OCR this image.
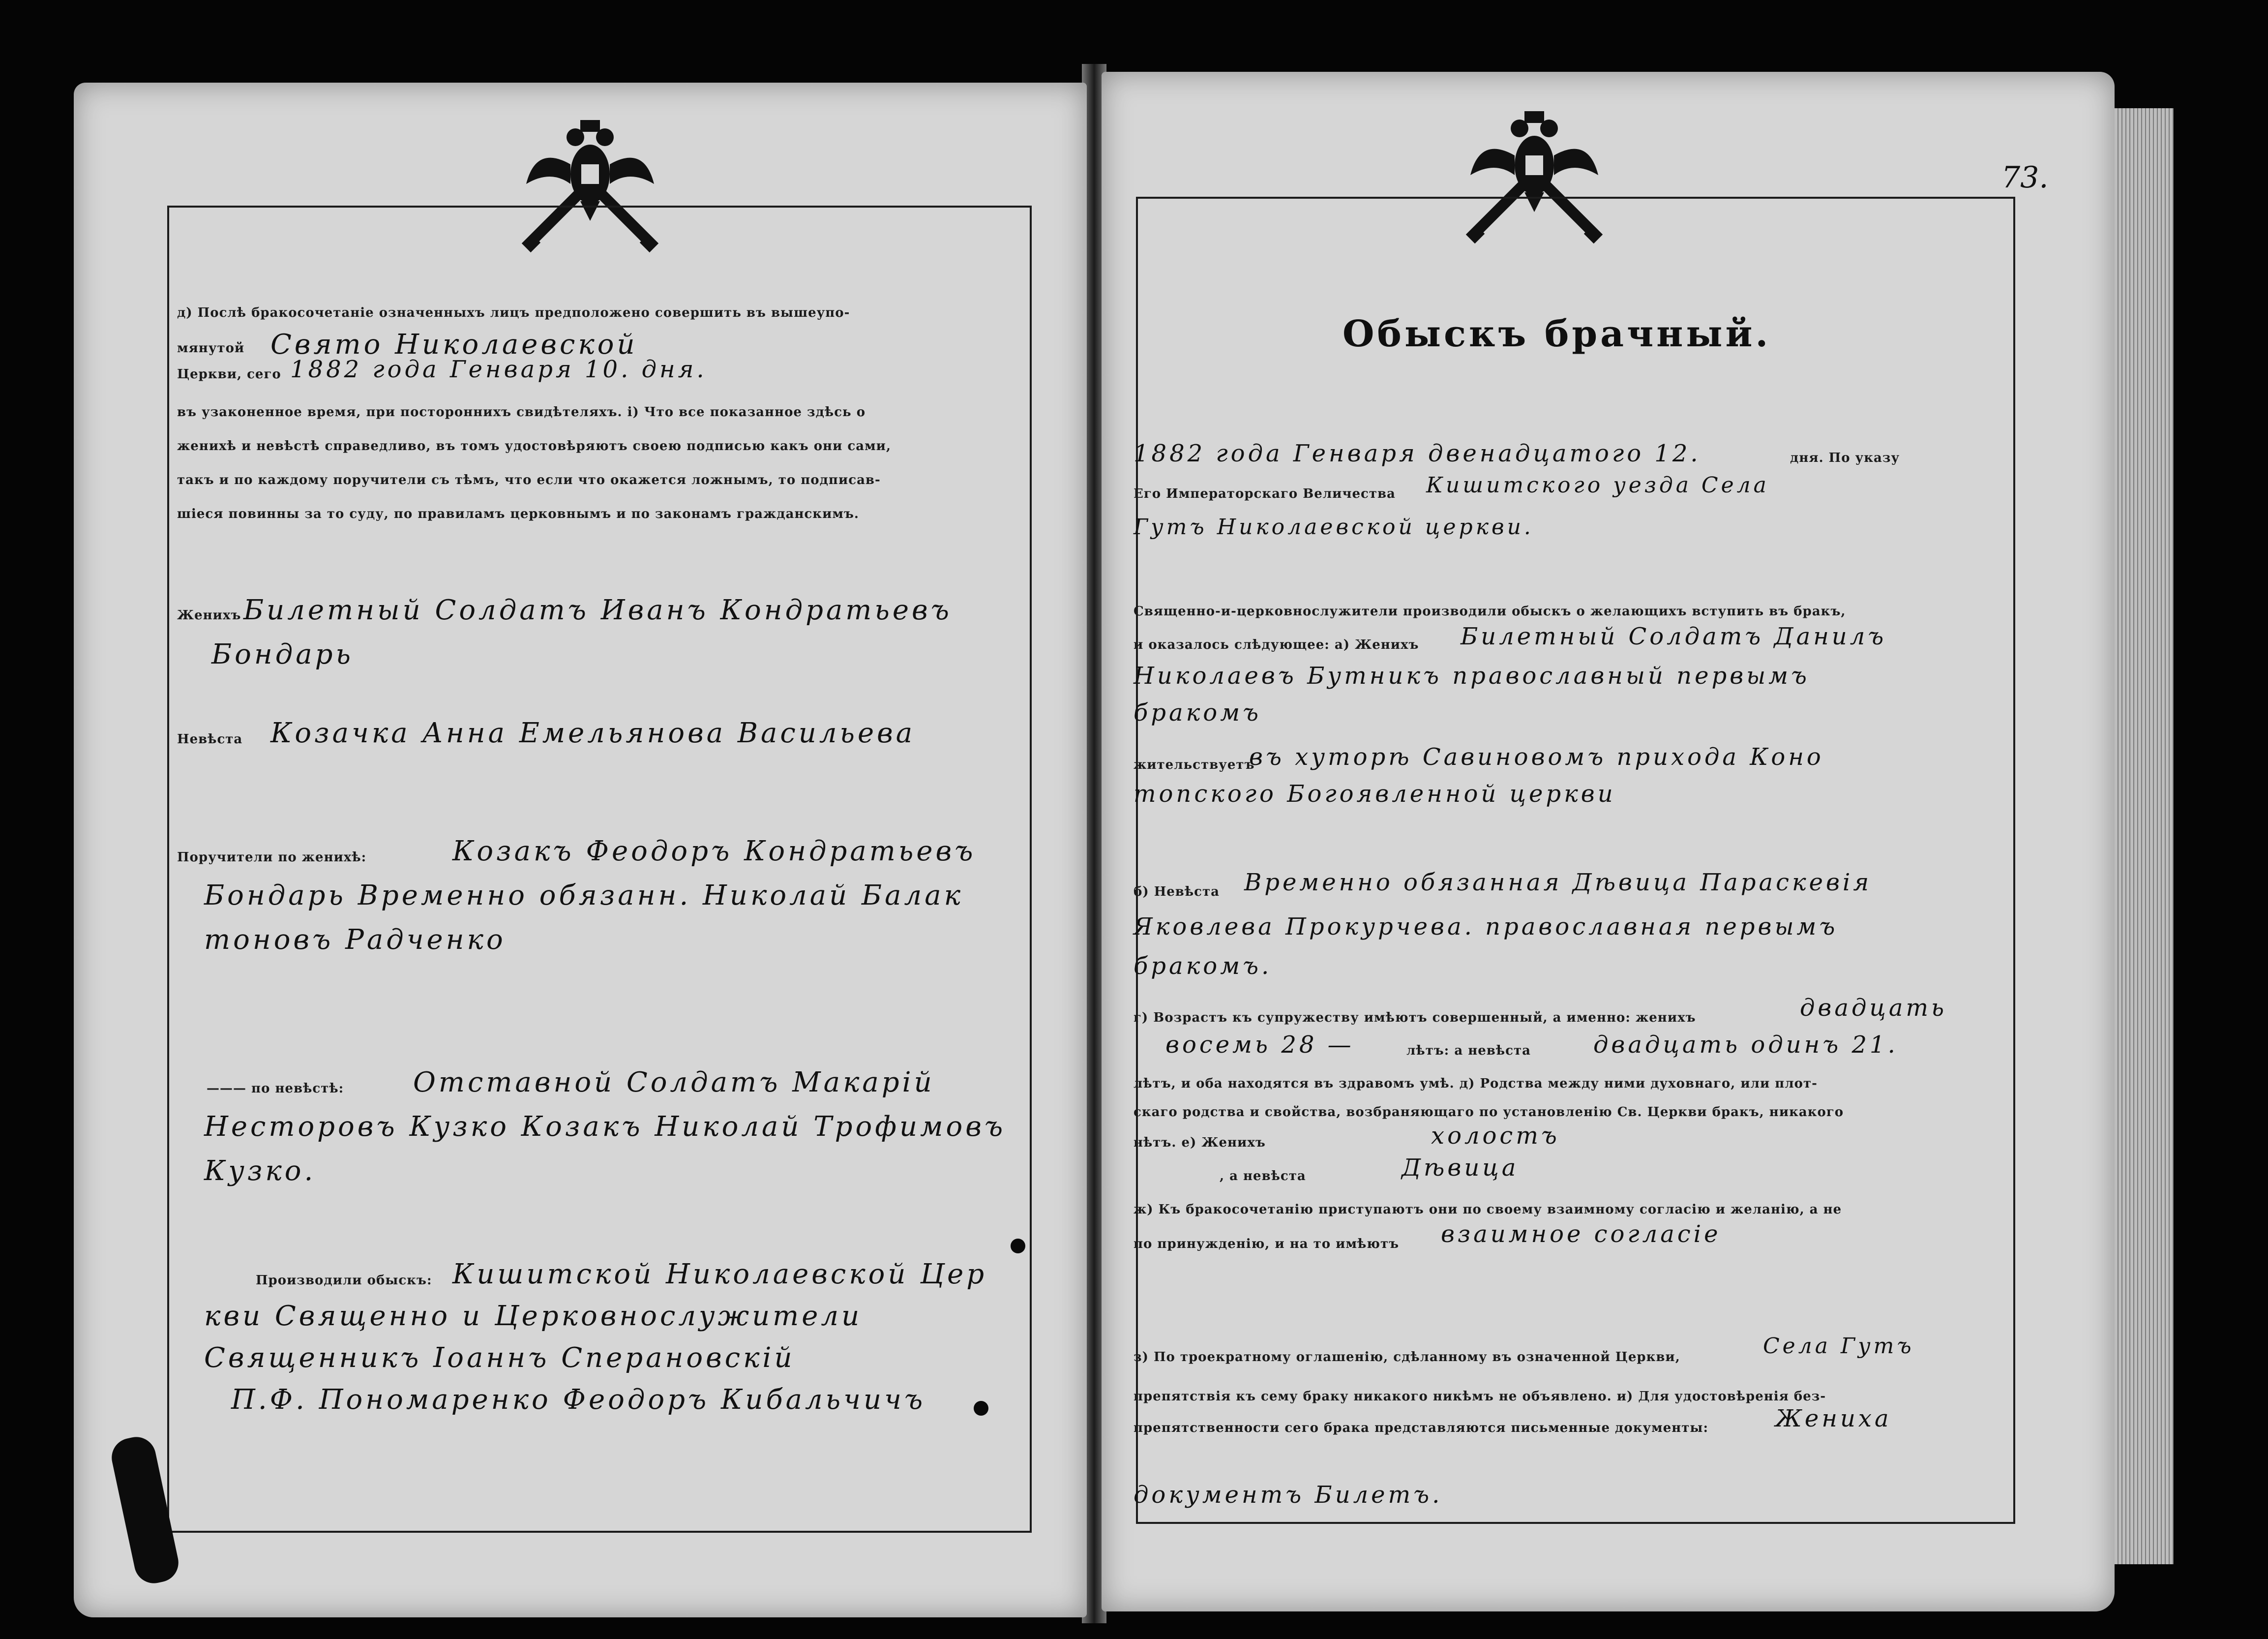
д) Послѣ бракосочетаніе означенныхъ лицъ предположено совершить въ вышеупо-
мянутой Свято Николаевской
Церкви, сего 1882 года Генваря 10. дня.
въ узаконенное время, при постороннихъ свидѣтеляхъ. i) Что все показанное здѣсь о
женихѣ и невѣстѣ справедливо, въ томъ удостовѣряютъ своею подписью какъ они сами,
такъ и по каждому поручители съ тѣмъ, что если что окажется ложнымъ, то подписав-
шiеся повинны за то суду, по правиламъ церковнымъ и по законамъ гражданскимъ.
Женихъ Билетный Солдатъ Иванъ Кондратьевъ
Бондарь
Невѣста Козачка Анна Емельянова Васильева
Поручители по женихѣ:	Козакъ Феодоръ Кондратьевъ
Бондарь Временно обязанн. Николай Балак
тоновъ Радченко
——— по невѣстѣ:	Отставной Солдатъ Макарій
Несторовъ Кузко Козакъ Николай Трофимовъ
Кузко.
Производили обыскъ: Кишитской Николаевской Цер
кви Священно и Церковнослужители
Священникъ Іоаннъ Сперановскій
П.Ф. Пономаренко Феодоръ Кибальчичъ
73.
Обыскъ брачный.
1882 года Генваря двенадцатого 12.	дня. По указу
Его Императорскаго Величества Кишитского уезда Села
Гутъ Николаевской церкви.
Священно-и-церковнослужители производили обыскъ о желающихъ вступить въ бракъ,
и оказалось слѣдующее: а) Женихъ Билетный Солдатъ Данилъ
Николаевъ Бутникъ православный первымъ
бракомъ
жительствуетъ
въ хуторѣ Савиновомъ прихода Коно
топского Богоявленной церкви
б) Невѣста Временно обязанная Дѣвица Параскевія
Яковлева Прокурчева. православная первымъ
бракомъ.
г) Возрастъ къ супружеству имѣютъ совершенный, а именно: женихъ	двадцать
восемь 28 —	лѣтъ: а невѣста	двадцать одинъ 21.
лѣтъ, и оба находятся въ здравомъ умѣ. д) Родства между ними духовнаго, или плот-
скаго родства и свойства, возбраняющаго по установленію Св. Церкви бракъ, никакого
нѣтъ. е) Женихъ	холостъ
, а невѣста	Дѣвица
ж) Къ бракосочетанію приступаютъ они по своему взаимному согласію и желанію, а не
по принужденію, и на то имѣютъ взаимное согласіе
з) По троекратному оглашенію, сдѣланному въ означенной Церкви,	Села Гутъ
препятствія къ сему браку никакого никѣмъ не объявлено. и) Для удостовѣренія без-
препятственности сего брака представляются письменные документы:	Жениха
документъ Билетъ.
